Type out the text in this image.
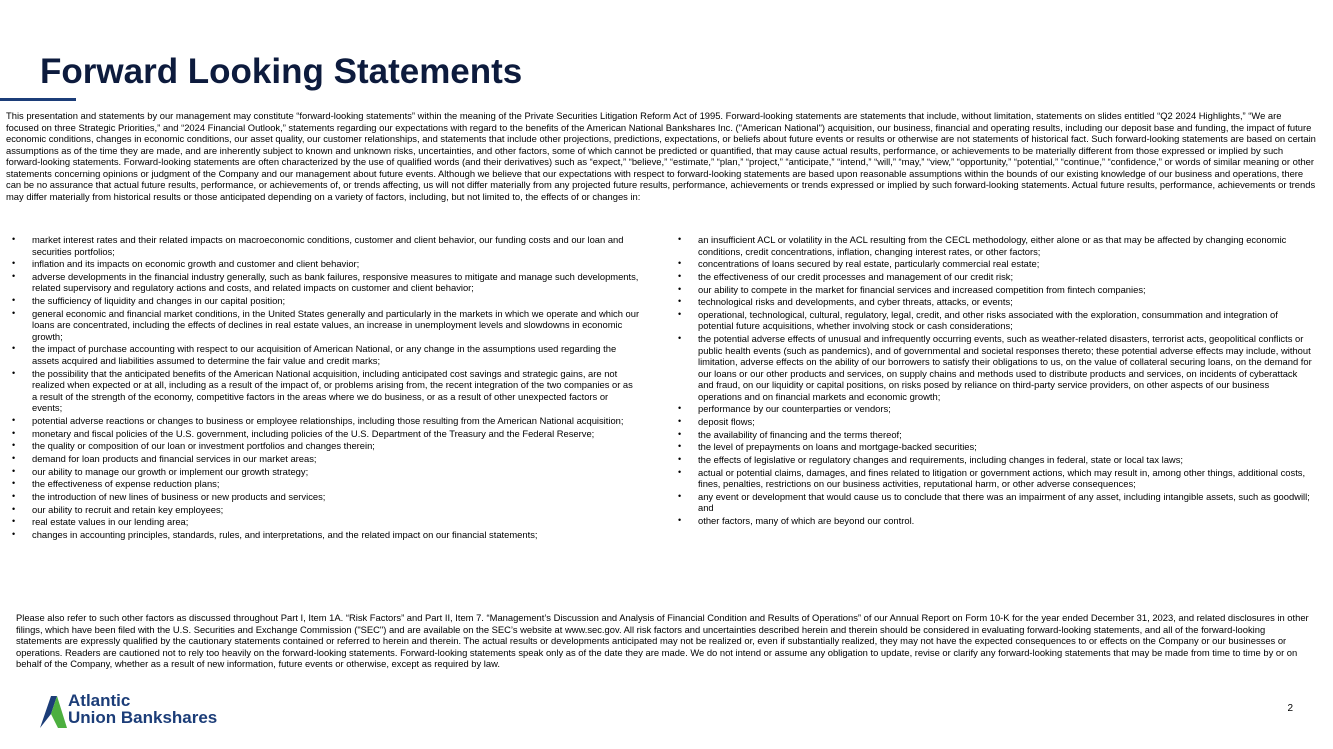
Forward Looking Statements

This presentation and statements by our management may constitute “forward-looking statements” within the meaning of the Private Securities Litigation Reform Act of 1995. Forward-looking statements are statements that include, without limitation, statements on slides entitled “Q2 2024 Highlights,” “We are focused on three Strategic Priorities,” and “2024 Financial Outlook,” statements regarding our expectations with regard to the benefits of the American National Bankshares Inc. ("American National") acquisition, our business, financial and operating results, including our deposit base and funding, the impact of future economic conditions, changes in economic conditions, our asset quality, our customer relationships, and statements that include other projections, predictions, expectations, or beliefs about future events or results or otherwise are not statements of historical fact. Such forward-looking statements are based on certain assumptions as of the time they are made, and are inherently subject to known and unknown risks, uncertainties, and other factors, some of which cannot be predicted or quantified, that may cause actual results, performance, or achievements to be materially different from those expressed or implied by such forward-looking statements. Forward-looking statements are often characterized by the use of qualified words (and their derivatives) such as “expect,” “believe,” “estimate,” “plan,” “project,” “anticipate,” “intend,” “will,” “may,” “view,” “opportunity,” “potential,” “continue,” “confidence,” or words of similar meaning or other statements concerning opinions or judgment of the Company and our management about future events. Although we believe that our expectations with respect to forward-looking statements are based upon reasonable assumptions within the bounds of our existing knowledge of our business and operations, there can be no assurance that actual future results, performance, or achievements of, or trends affecting, us will not differ materially from any projected future results, performance, achievements or trends expressed or implied by such forward-looking statements. Actual future results, performance, achievements or trends may differ materially from historical results or those anticipated depending on a variety of factors, including, but not limited to, the effects of or changes in:

• market interest rates and their related impacts on macroeconomic conditions, customer and client behavior, our funding costs and our loan and securities portfolios;
• inflation and its impacts on economic growth and customer and client behavior;
• adverse developments in the financial industry generally, such as bank failures, responsive measures to mitigate and manage such developments, related supervisory and regulatory actions and costs, and related impacts on customer and client behavior;
• the sufficiency of liquidity and changes in our capital position;
• general economic and financial market conditions, in the United States generally and particularly in the markets in which we operate and which our loans are concentrated, including the effects of declines in real estate values, an increase in unemployment levels and slowdowns in economic growth;
• the impact of purchase accounting with respect to our acquisition of American National, or any change in the assumptions used regarding the assets acquired and liabilities assumed to determine the fair value and credit marks;
• the possibility that the anticipated benefits of the American National acquisition, including anticipated cost savings and strategic gains, are not realized when expected or at all, including as a result of the impact of, or problems arising from, the recent integration of the two companies or as a result of the strength of the economy, competitive factors in the areas where we do business, or as a result of other unexpected factors or events;
• potential adverse reactions or changes to business or employee relationships, including those resulting from the American National acquisition;
• monetary and fiscal policies of the U.S. government, including policies of the U.S. Department of the Treasury and the Federal Reserve;
• the quality or composition of our loan or investment portfolios and changes therein;
• demand for loan products and financial services in our market areas;
• our ability to manage our growth or implement our growth strategy;
• the effectiveness of expense reduction plans;
• the introduction of new lines of business or new products and services;
• our ability to recruit and retain key employees;
• real estate values in our lending area;
• changes in accounting principles, standards, rules, and interpretations, and the related impact on our financial statements;
• an insufficient ACL or volatility in the ACL resulting from the CECL methodology, either alone or as that may be affected by changing economic conditions, credit concentrations, inflation, changing interest rates, or other factors;
• concentrations of loans secured by real estate, particularly commercial real estate;
• the effectiveness of our credit processes and management of our credit risk;
• our ability to compete in the market for financial services and increased competition from fintech companies;
• technological risks and developments, and cyber threats, attacks, or events;
• operational, technological, cultural, regulatory, legal, credit, and other risks associated with the exploration, consummation and integration of potential future acquisitions, whether involving stock or cash considerations;
• the potential adverse effects of unusual and infrequently occurring events, such as weather-related disasters, terrorist acts, geopolitical conflicts or public health events (such as pandemics), and of governmental and societal responses thereto; these potential adverse effects may include, without limitation, adverse effects on the ability of our borrowers to satisfy their obligations to us, on the value of collateral securing loans, on the demand for our loans or our other products and services, on supply chains and methods used to distribute products and services, on incidents of cyberattack and fraud, on our liquidity or capital positions, on risks posed by reliance on third-party service providers, on other aspects of our business operations and on financial markets and economic growth;
• performance by our counterparties or vendors;
• deposit flows;
• the availability of financing and the terms thereof;
• the level of prepayments on loans and mortgage-backed securities;
• the effects of legislative or regulatory changes and requirements, including changes in federal, state or local tax laws;
• actual or potential claims, damages, and fines related to litigation or government actions, which may result in, among other things, additional costs, fines, penalties, restrictions on our business activities, reputational harm, or other adverse consequences;
• any event or development that would cause us to conclude that there was an impairment of any asset, including intangible assets, such as goodwill; and
• other factors, many of which are beyond our control.

Please also refer to such other factors as discussed throughout Part I, Item 1A. “Risk Factors” and Part II, Item 7. “Management’s Discussion and Analysis of Financial Condition and Results of Operations” of our Annual Report on Form 10-K for the year ended December 31, 2023, and related disclosures in other filings, which have been filed with the U.S. Securities and Exchange Commission ("SEC") and are available on the SEC’s website at www.sec.gov. All risk factors and uncertainties described herein and therein should be considered in evaluating forward-looking statements, and all of the forward-looking statements are expressly qualified by the cautionary statements contained or referred to herein and therein. The actual results or developments anticipated may not be realized or, even if substantially realized, they may not have the expected consequences to or effects on the Company or our businesses or operations. Readers are cautioned not to rely too heavily on the forward-looking statements. Forward-looking statements speak only as of the date they are made. We do not intend or assume any obligation to update, revise or clarify any forward-looking statements that may be made from time to time by or on behalf of the Company, whether as a result of new information, future events or otherwise, except as required by law.

Atlantic
Union Bankshares	2
